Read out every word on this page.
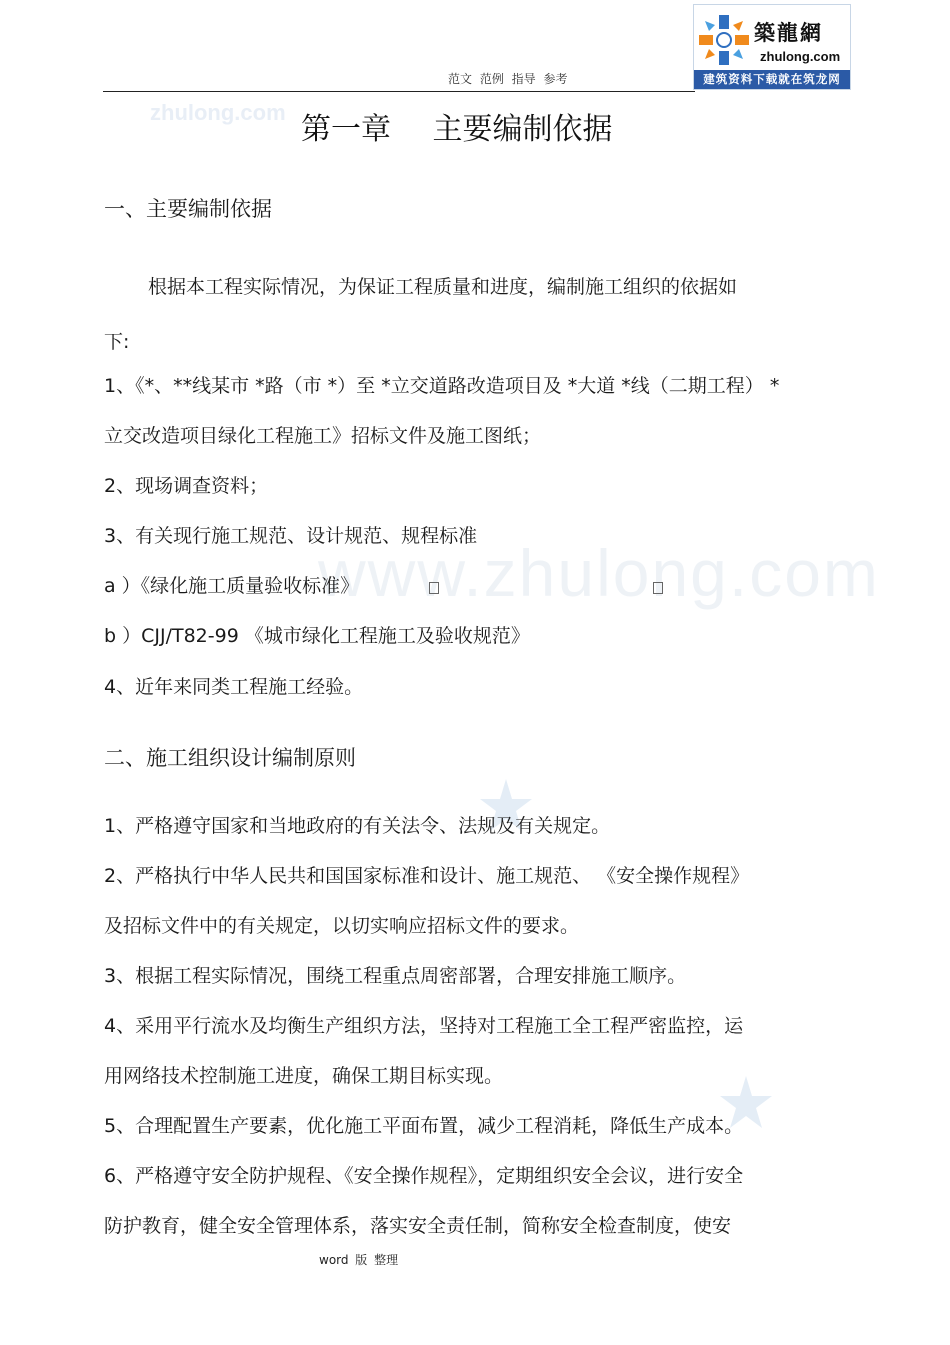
zhulong.com
www.zhulong.com
范文 范例 指导 参考
築龍網
zhulong.com
建筑资料下载就在筑龙网
第一章 主要编制依据
一、主要编制依据
根据本工程实际情况，为保证工程质量和进度，编制施工组织的依据如
下:
1、《*、**线某市 *路（市 *）至 *立交道路改造项目及 *大道 *线（二期工程） *
立交改造项目绿化工程施工》招标文件及施工图纸；
2、现场调查资料；
3、有关现行施工规范、设计规范、规程标准
a ）《绿化施工质量验收标准》
b ）CJJ/T82-99 《城市绿化工程施工及验收规范》
4、近年来同类工程施工经验。
二、施工组织设计编制原则
1、严格遵守国家和当地政府的有关法令、法规及有关规定。
2、严格执行中华人民共和国国家标准和设计、施工规范、 《安全操作规程》
及招标文件中的有关规定，以切实响应招标文件的要求。
3、根据工程实际情况，围绕工程重点周密部署，合理安排施工顺序。
4、采用平行流水及均衡生产组织方法，坚持对工程施工全工程严密监控，运
用网络技术控制施工进度，确保工期目标实现。
5、合理配置生产要素，优化施工平面布置，减少工程消耗，降低生产成本。
6、严格遵守安全防护规程、《安全操作规程》，定期组织安全会议，进行安全
防护教育，健全安全管理体系，落实安全责任制，简称安全检查制度，使安
word 版 整理
